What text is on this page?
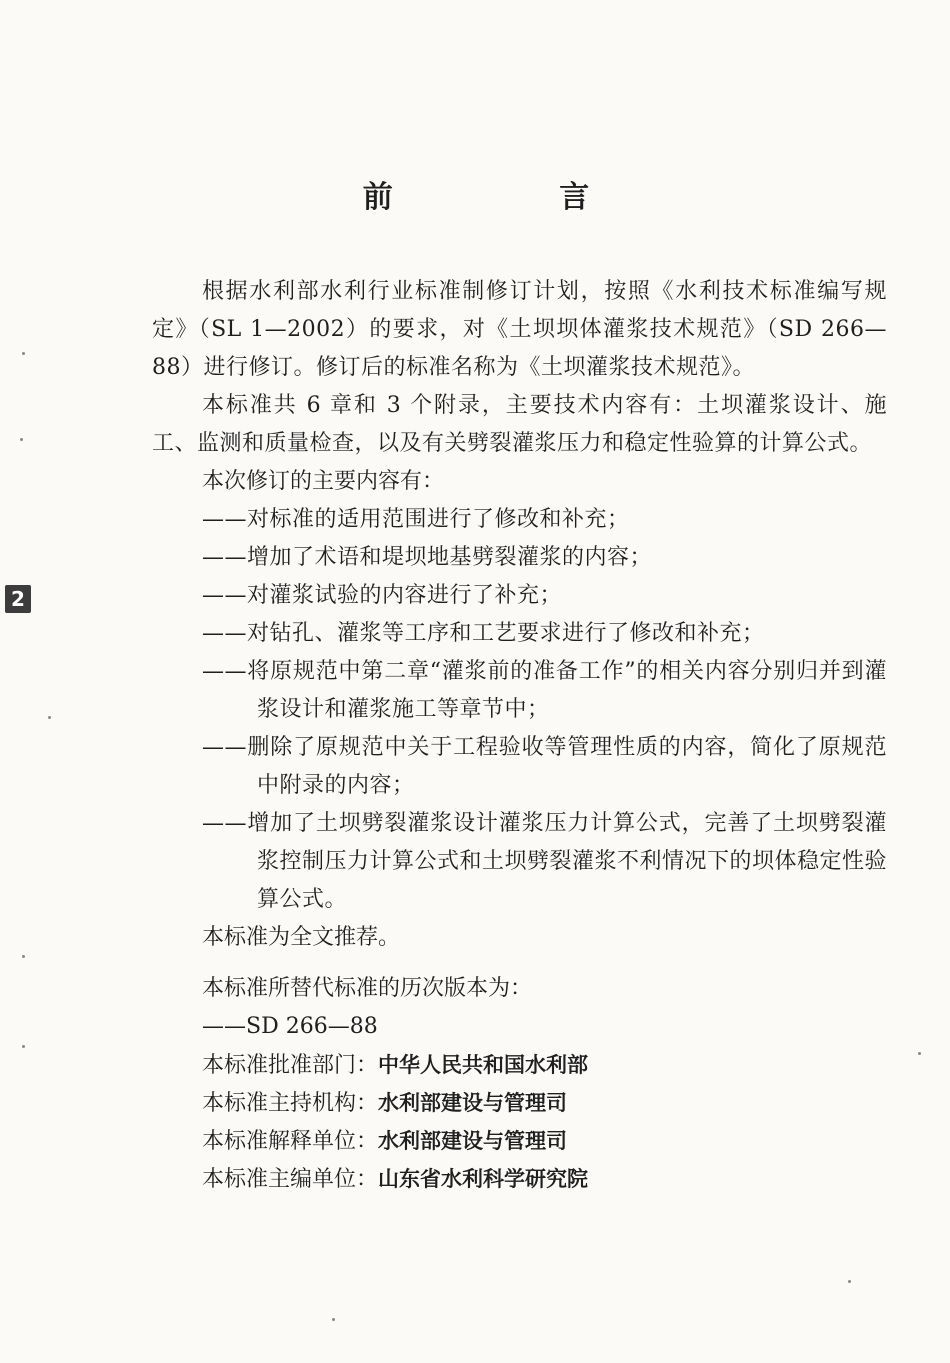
前 言
2

根据水利部水利行业标准制修订计划，按照《水利技术标准编写规定》（SL 1—2002）的要求，对《土坝坝体灌浆技术规范》（SD 266—88）进行修订。修订后的标准名称为《土坝灌浆技术规范》。

本标准共 6 章和 3 个附录，主要技术内容有：土坝灌浆设计、施工、监测和质量检查，以及有关劈裂灌浆压力和稳定性验算的计算公式。

本次修订的主要内容有：

——对标准的适用范围进行了修改和补充；

——增加了术语和堤坝地基劈裂灌浆的内容；

——对灌浆试验的内容进行了补充；

——对钻孔、灌浆等工序和工艺要求进行了修改和补充；

——将原规范中第二章“灌浆前的准备工作”的相关内容分别归并到灌浆设计和灌浆施工等章节中；

——删除了原规范中关于工程验收等管理性质的内容，简化了原规范中附录的内容；

——增加了土坝劈裂灌浆设计灌浆压力计算公式，完善了土坝劈裂灌浆控制压力计算公式和土坝劈裂灌浆不利情况下的坝体稳定性验算公式。

本标准为全文推荐。

本标准所替代标准的历次版本为：

——SD 266—88

本标准批准部门：中华人民共和国水利部

本标准主持机构：水利部建设与管理司

本标准解释单位：水利部建设与管理司

本标准主编单位：山东省水利科学研究院
